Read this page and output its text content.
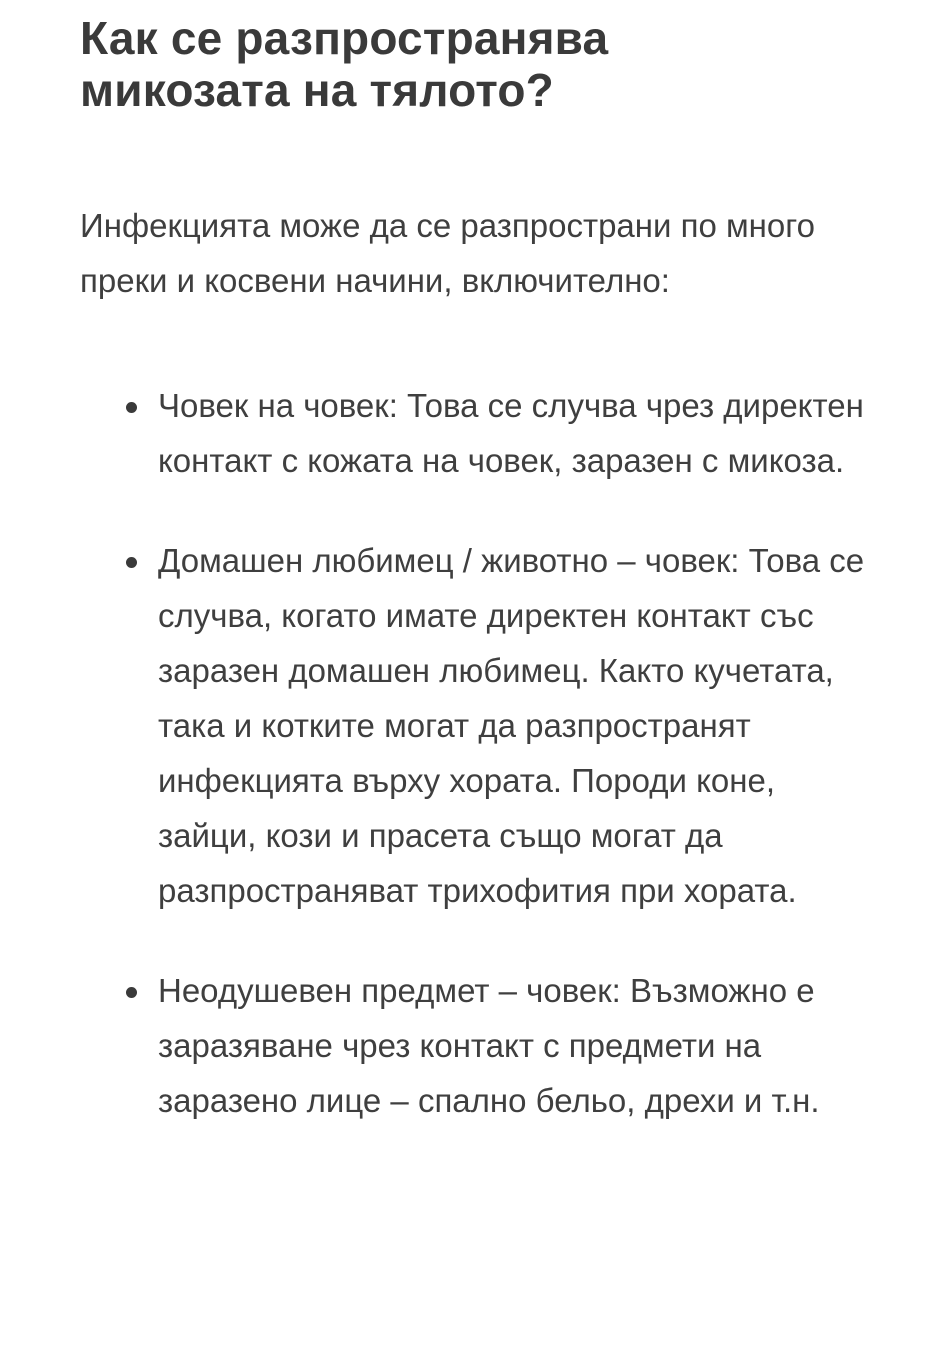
Как се разпространява
микозата на тялото?

Инфекцията може да се разпространи по много преки и косвени начини, включително:

Човек на човек: Това се случва чрез директен контакт с кожата на човек, заразен с микоза.
Домашен любимец / животно – човек: Това се случва, когато имате директен контакт със заразен домашен любимец. Както кучетата, така и котките могат да разпространят инфекцията върху хората. Породи коне, зайци, кози и прасета също могат да разпространяват трихофития при хората.
Неодушевен предмет – човек: Възможно е заразяване чрез контакт с предмети на заразено лице – спално бельо, дрехи и т.н.
